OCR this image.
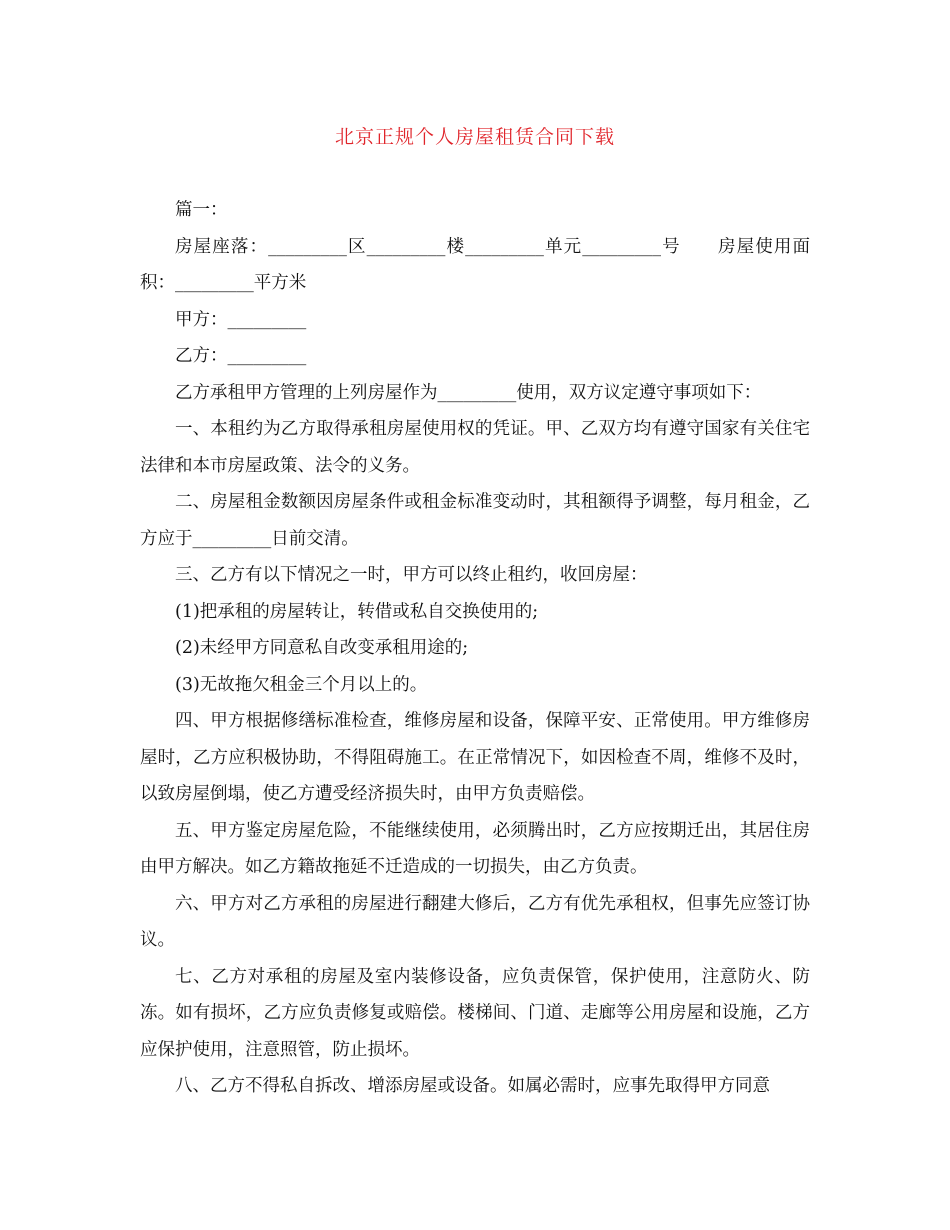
北京正规个人房屋租赁合同下载

篇一：

房屋座落：_________区_________楼_________单元_________号　　房屋使用面积：_________平方米

甲方：_________

乙方：_________

乙方承租甲方管理的上列房屋作为_________使用，双方议定遵守事项如下：

一、本租约为乙方取得承租房屋使用权的凭证。甲、乙双方均有遵守国家有关住宅法律和本市房屋政策、法令的义务。

二、房屋租金数额因房屋条件或租金标准变动时，其租额得予调整，每月租金，乙方应于_________日前交清。

三、乙方有以下情况之一时，甲方可以终止租约，收回房屋：

(1)把承租的房屋转让，转借或私自交换使用的;

(2)未经甲方同意私自改变承租用途的;

(3)无故拖欠租金三个月以上的。

四、甲方根据修缮标准检查，维修房屋和设备，保障平安、正常使用。甲方维修房屋时，乙方应积极协助，不得阻碍施工。在正常情况下，如因检查不周，维修不及时，以致房屋倒塌，使乙方遭受经济损失时，由甲方负责赔偿。

五、甲方鉴定房屋危险，不能继续使用，必须腾出时，乙方应按期迁出，其居住房由甲方解决。如乙方籍故拖延不迁造成的一切损失，由乙方负责。

六、甲方对乙方承租的房屋进行翻建大修后，乙方有优先承租权，但事先应签订协议。

七、乙方对承租的房屋及室内装修设备，应负责保管，保护使用，注意防火、防冻。如有损坏，乙方应负责修复或赔偿。楼梯间、门道、走廊等公用房屋和设施，乙方应保护使用，注意照管，防止损坏。

八、乙方不得私自拆改、增添房屋或设备。如属必需时，应事先取得甲方同意
